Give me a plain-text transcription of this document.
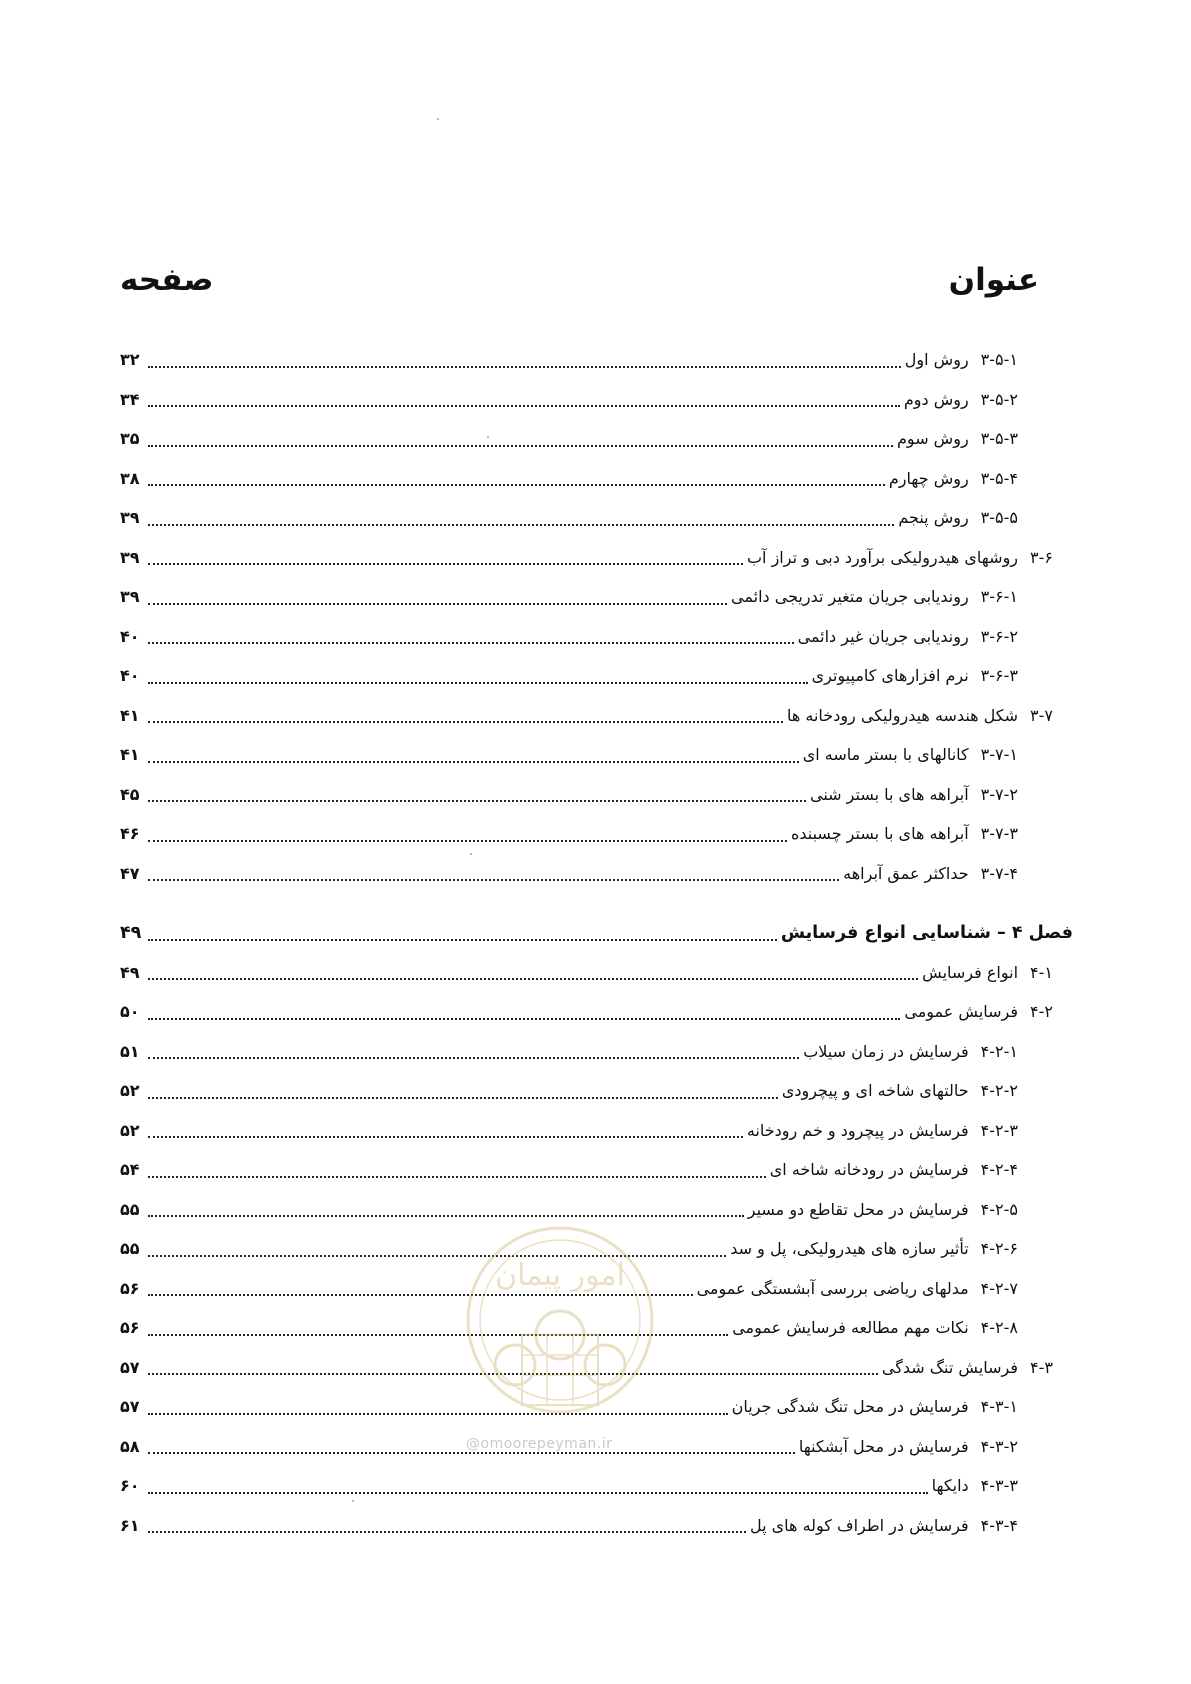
عنوان
صفحه
۳-۵-۱
روش اول
۳۲
۳-۵-۲
روش دوم
۳۴
۳-۵-۳
روش سوم
۳۵
۳-۵-۴
روش چهارم
۳۸
۳-۵-۵
روش پنجم
۳۹
۳-۶
روشهای هیدرولیکی برآورد دبی و تراز آب
۳۹
۳-۶-۱
روندیابی جریان متغیر تدریجی دائمی
۳۹
۳-۶-۲
روندیابی جریان غیر دائمی
۴۰
۳-۶-۳
نرم افزارهای کامپیوتری
۴۰
۳-۷
شکل هندسه هیدرولیکی رودخانه ها
۴۱
۳-۷-۱
کانالهای با بستر ماسه ای
۴۱
۳-۷-۲
آبراهه های با بستر شنی
۴۵
۳-۷-۳
آبراهه های با بستر چسبنده
۴۶
۳-۷-۴
حداکثر عمق آبراهه
۴۷
فصل ۴ – شناسایی انواع فرسایش
۴۹
۴-۱
انواع فرسایش
۴۹
۴-۲
فرسایش عمومی
۵۰
۴-۲-۱
فرسایش در زمان سیلاب
۵۱
۴-۲-۲
حالتهای شاخه ای و پیچرودی
۵۲
۴-۲-۳
فرسایش در پیچرود و خم رودخانه
۵۲
۴-۲-۴
فرسایش در رودخانه شاخه ای
۵۴
۴-۲-۵
فرسایش در محل تقاطع دو مسیر
۵۵
۴-۲-۶
تأثیر سازه های هیدرولیکی، پل و سد
۵۵
۴-۲-۷
مدلهای ریاضی بررسی آبشستگی عمومی
۵۶
۴-۲-۸
نکات مهم مطالعه فرسایش عمومی
۵۶
۴-۳
فرسایش تنگ شدگی
۵۷
۴-۳-۱
فرسایش در محل تنگ شدگی جریان
۵۷
۴-۳-۲
فرسایش در محل آبشکنها
۵۸
۴-۳-۳
دایکها
۶۰
۴-۳-۴
فرسایش در اطراف کوله های پل
۶۱
امور پیمان
@omoorepeyman.ir
